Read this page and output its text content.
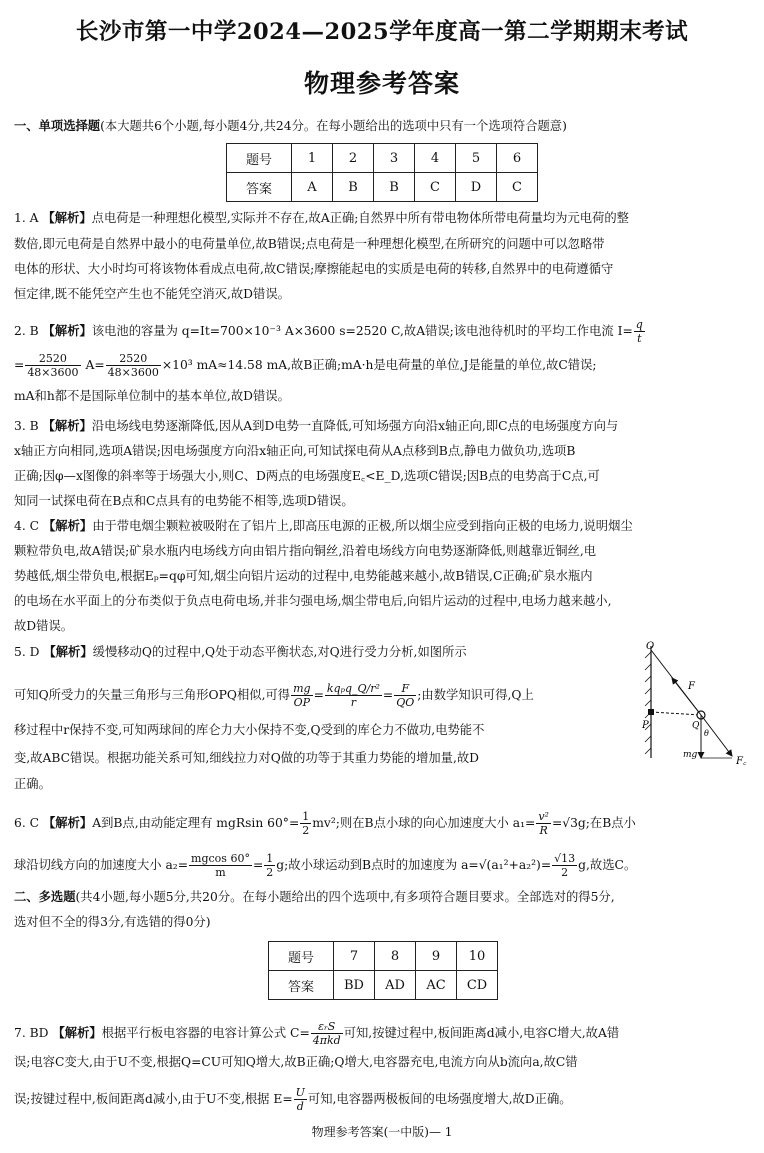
长沙市第一中学2024—2025学年度高一第二学期期末考试
物理参考答案
一、单项选择题(本大题共6个小题,每小题4分,共24分。在每小题给出的选项中只有一个选项符合题意)
题号	1	2	3	4	5	6
答案	A	B	B	C	D	C
1. A 【解析】点电荷是一种理想化模型,实际并不存在,故A正确;自然界中所有带电物体所带电荷量均为元电荷的整
数倍,即元电荷是自然界中最小的电荷量单位,故B错误;点电荷是一种理想化模型,在所研究的问题中可以忽略带
电体的形状、大小时均可将该物体看成点电荷,故C错误;摩擦能起电的实质是电荷的转移,自然界中的电荷遵循守
恒定律,既不能凭空产生也不能凭空消灭,故D错误。
2. B 【解析】该电池的容量为 q=It=700×10⁻³ A×3600 s=2520 C,故A错误;该电池待机时的平均工作电流 $I= \frac{q}{t}$
= $\frac{2520}{48\times 3600} A= \frac{2520}{48\times 3600} \times 10^3$ mA≈14.58 mA,故B正确;mA·h是电荷量的单位,J是能量的单位,故C错误;
mA和h都不是国际单位制中的基本单位,故D错误。
3. B 【解析】沿电场线电势逐渐降低,因从A到D电势一直降低,可知场强方向沿x轴正向,即C点的电场强度方向与
x轴正方向相同,选项A错误;因电场强度方向沿x轴正向,可知试探电荷从A点移到B点,静电力做负功,选项B
正确;因φ—x图像的斜率等于场强大小,则C、D两点的电场强度E꜀<E_D,选项C错误;因B点的电势高于C点,可
知同一试探电荷在B点和C点具有的电势能不相等,选项D错误。
4. C 【解析】由于带电烟尘颗粒被吸附在了铝片上,即高压电源的正极,所以烟尘应受到指向正极的电场力,说明烟尘
颗粒带负电,故A错误;矿泉水瓶内电场线方向由铝片指向铜丝,沿着电场线方向电势逐渐降低,则越靠近铜丝,电
势越低,烟尘带负电,根据Eₚ=qφ可知,烟尘向铝片运动的过程中,电势能越来越小,故B错误,C正确;矿泉水瓶内
的电场在水平面上的分布类似于负点电荷电场,并非匀强电场,烟尘带电后,向铝片运动的过程中,电场力越来越小,
故D错误。
5. D 【解析】缓慢移动Q的过程中,Q处于动态平衡状态,对Q进行受力分析,如图所示
可知Q所受力的矢量三角形与三角形OPQ相似,可得 $\frac{mg}{OP} = \frac{\text{kqₚq\_Q/r²}}{r} = \frac{F}{QO}$ ;由数学知识可得,Q上
移过程中r保持不变,可知两球间的库仑力大小保持不变,Q受到的库仑力不做功,电势能不
变,故ABC错误。根据功能关系可知,细线拉力对Q做的功等于其重力势能的增加量,故D
正确。
O
P	Q
F
mg
F꜀
θ
6. C 【解析】A到B点,由动能定理有 mgRsin $60^\circ= \frac{1}{2} mv^2$;则在B点小球的向心加速度大小 $a_1= \frac{\text{v²}}{R} =√3g$;在B点小
球沿切线方向的加速度大小 $a_2= \frac{mgcos 60^\circ}{m} = \frac{1}{2} g$;故小球运动到B点时的加速度为 $a=√(a_1^2+a_2^2)= \frac{√13}{2} g$,故选C。
二、多选题(共4小题,每小题5分,共20分。在每小题给出的四个选项中,有多项符合题目要求。全部选对的得5分,
选对但不全的得3分,有选错的得0分)
题号	7	8	9	10
答案	BD	AD	AC	CD
7. BD 【解析】根据平行板电容器的电容计算公式 $C= \frac{\text{εᵣS}}{\text{4πkd}}$ 可知,按键过程中,板间距离d减小,电容C增大,故A错
误;电容C变大,由于U不变,根据Q=CU可知Q增大,故B正确;Q增大,电容器充电,电流方向从b流向a,故C错
误;按键过程中,板间距离d减小,由于U不变,根据 $E= \frac{U}{d}$ 可知,电容器两极板间的电场强度增大,故D正确。
物理参考答案(一中版)— 1
